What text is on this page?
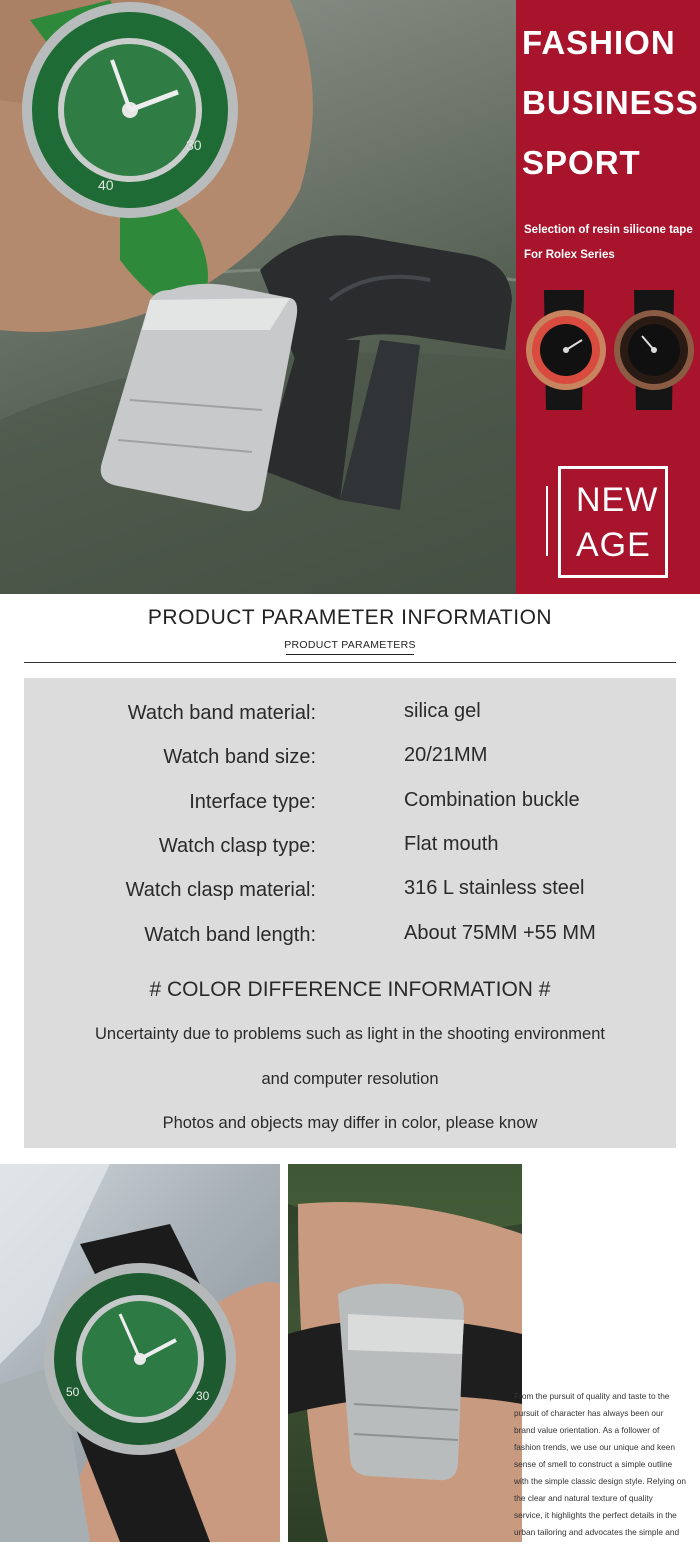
40
30
FASHION
BUSINESS
SPORT
Selection of resin silicone tape
For Rolex Series
NEW
AGE
PRODUCT PARAMETER INFORMATION
PRODUCT PARAMETERS
Watch band material:	silica gel
Watch band size:	20/21MM
Interface type:	Combination buckle
Watch clasp type:	Flat mouth
Watch clasp material:	316 L stainless steel
Watch band length:	About 75MM +55 MM
# COLOR DIFFERENCE INFORMATION #
Uncertainty due to problems such as light in the shooting environment
and computer resolution
Photos and objects may differ in color, please know
50	30	From the pursuit of quality and taste to the
pursuit of character has always been our
brand value orientation. As a follower of
fashion trends, we use our unique and keen
sense of smell to construct a simple outline
with the simple classic design style. Relying on
the clear and natural texture of quality
service, it highlights the perfect details in the
urban tailoring and advocates the simple and
